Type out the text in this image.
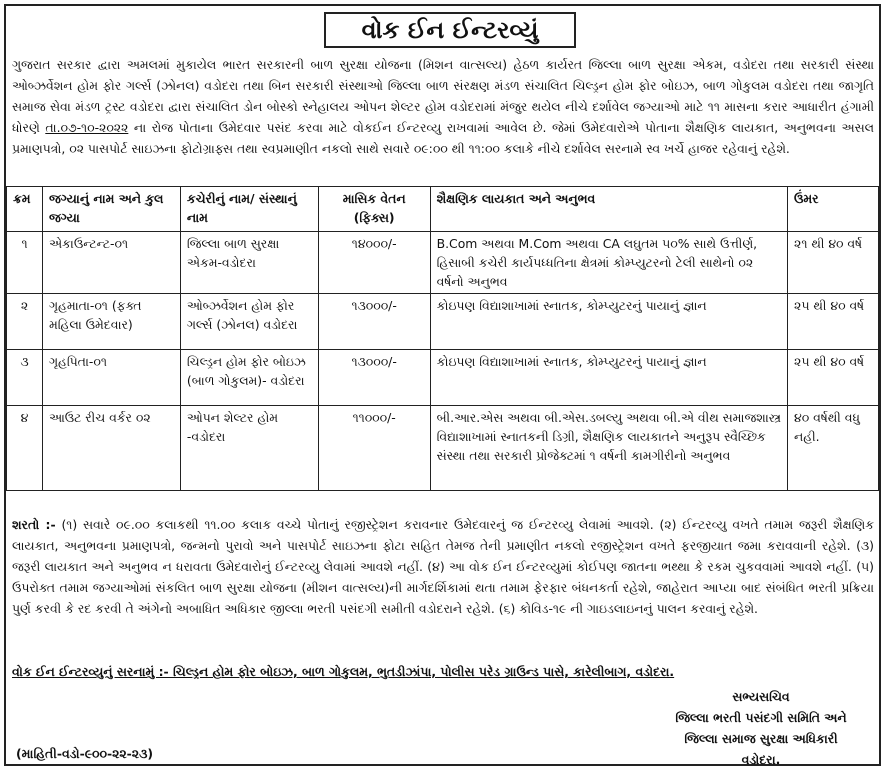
વોક ઈન ઈન્ટરવ્યું
ગુજરાત સરકાર દ્વારા અમલમાં મુકાયેલ ભારત સરકારની બાળ સુરક્ષા યોજના (મિશન વાત્સલ્ય) હેઠળ કાર્યરત જિલ્લા બાળ સુરક્ષા એકમ, વડોદરા તથા સરકારી સંસ્થા ઓબ્ઝર્વેશન હોમ ફોર ગર્લ્સ (ઝોનલ) વડોદરા તથા બિન સરકારી સંસ્થાઓ જિલ્લા બાળ સંરક્ષણ મંડળ સંચાલિત ચિલ્ડ્રન હોમ ફોર બોઇઝ, બાળ ગોકુલમ વડોદરા તથા જાગૃતિ સમાજ સેવા મંડળ ટ્રસ્ટ વડોદરા દ્વારા સંચાલિત ડોન બોસ્કો સ્નેહાલય ઓપન શેલ્ટર હોમ વડોદરામાં મંજુર થયેલ નીચે દર્શાવેલ જગ્યાઓ માટે ૧૧ માસના કરાર આધારીત હંગામી ધોરણે તા.૦૭-૧૦-૨૦૨૨ ના રોજ પોતાના ઉમેદવાર પસંદ કરવા માટે વોકઈન ઈન્ટરવ્યુ રાખવામાં આવેલ છે. જેમાં ઉમેદવારોએ પોતાના શૈક્ષણિક લાયકાત, અનુભવના અસલ પ્રમાણપત્રો, ૦૨ પાસપોર્ટ સાઇઝના ફોટોગ્રાફ્સ તથા સ્વપ્રમાણીત નકલો સાથે સવારે ૦૯:૦૦ થી ૧૧:૦૦ કલાકે નીચે દર્શાવેલ સરનામે સ્વ ખર્ચે હાજર રહેવાનું રહેશે.
ક્રમ	જગ્યાનું નામ અને કુલ જગ્યા	કચેરીનું નામ/ સંસ્થાનું નામ	માસિક વેતન (ફિક્સ)	શૈક્ષણિક લાયકાત અને અનુભવ	ઉંમર
૧	એકાઉન્ટન્ટ-૦૧	જિલ્લા બાળ સુરક્ષા એકમ-વડોદરા	૧૪૦૦૦/-	B.Com અથવા M.Com અથવા CA લઘુતમ ૫૦% સાથે ઉત્તીર્ણ, હિસાબી કચેરી કાર્યપધ્ધતિના ક્ષેત્રમાં કોમ્પ્યુટરનો ટેલી સાથેનો ૦૨ વર્ષનો અનુભવ	૨૧ થી ૪૦ વર્ષ
૨	ગૃહમાતા-૦૧ (ફક્ત મહિલા ઉમેદવાર)	ઓબ્ઝર્વેશન હોમ ફોર ગર્લ્સ (ઝોનલ) વડોદરા	૧૩૦૦૦/-	કોઇપણ વિદ્યાશાખામાં સ્નાતક, કોમ્પ્યુટરનું પાયાનું જ્ઞાન	૨૫ થી ૪૦ વર્ષ
૩	ગૃહપિતા-૦૧	ચિલ્ડ્રન હોમ ફોર બોઇઝ (બાળ ગોકુલમ)- વડોદરા	૧૩૦૦૦/-	કોઇપણ વિદ્યાશાખામાં સ્નાતક, કોમ્પ્યુટરનું પાયાનું જ્ઞાન	૨૫ થી ૪૦ વર્ષ
૪	આઉટ રીચ વર્કર ૦૨	ઓપન શેલ્ટર હોમ -વડોદરા	૧૧૦૦૦/-	બી.આર.એસ અથવા બી.એસ.ડબલ્યુ અથવા બી.એ વીથ સમાજશાસ્ત્ર વિદ્યાશાખામાં સ્નાતકની ડિગ્રી, શૈક્ષણિક લાયકાતને અનુરૂપ સ્વૈચ્છિક સંસ્થા તથા સરકારી પ્રોજેક્ટમાં ૧ વર્ષની કામગીરીનો અનુભવ	૪૦ વર્ષથી વધુ નહી.
શરતો :- (૧) સવારે ૦૯.૦૦ કલાકથી ૧૧.૦૦ કલાક વચ્ચે પોતાનું રજીસ્ટ્રેશન કરાવનાર ઉમેદવારનું જ ઈન્ટરવ્યુ લેવામાં આવશે. (૨) ઈન્ટરવ્યુ વખતે તમામ જરૂરી શૈક્ષણિક લાયકાત, અનુભવના પ્રમાણપત્રો, જન્મનો પુરાવો અને પાસપોર્ટ સાઇઝના ફોટા સહિત તેમજ તેની પ્રમાણીત નકલો રજીસ્ટ્રેશન વખતે ફરજીયાત જમા કરાવવાની રહેશે. (૩) જરૂરી લાયકાત અને અનુભવ ન ધરાવતા ઉમેદવારોનું ઈન્ટરવ્યુ લેવામાં આવશે નહીં. (૪) આ વોક ઈન ઈન્ટરવ્યુમાં કોઈપણ જાતના ભથ્થા કે રકમ ચુકવવામાં આવશે નહીં. (૫) ઉપરોક્ત તમામ જગ્યાઓમાં સંકલિત બાળ સુરક્ષા યોજના (મીશન વાત્સલ્ય)ની માર્ગદર્શિકામાં થતા તમામ ફેરફાર બંધનકર્તા રહેશે, જાહેરાત આપ્યા બાદ સંબંધિત ભરતી પ્રક્રિયા પુર્ણ કરવી કે રદ કરવી તે અંગેનો અબાધિત અધિકાર જીલ્લા ભરતી પસંદગી સમીતી વડોદરાને રહેશે. (૬) કોવિડ-૧૯ ની ગાઇડલાઇનનું પાલન કરવાનું રહેશે.
વોક ઈન ઈન્ટરવ્યુનું સરનામું :- ચિલ્ડ્રન હોમ ફોર બોઇઝ, બાળ ગોકુલમ, ભુતડીઝાંપા, પોલીસ પરેડ ગ્રાઉન્ડ પાસે, કારેલીબાગ, વડોદરા.
સભ્યસચિવ
જિલ્લા ભરતી પસંદગી સમિતિ અને
જિલ્લા સમાજ સુરક્ષા અધિકારી
વડોદરા.
(માહિતી-વડો-૯૦૦-૨૨-૨૩)
